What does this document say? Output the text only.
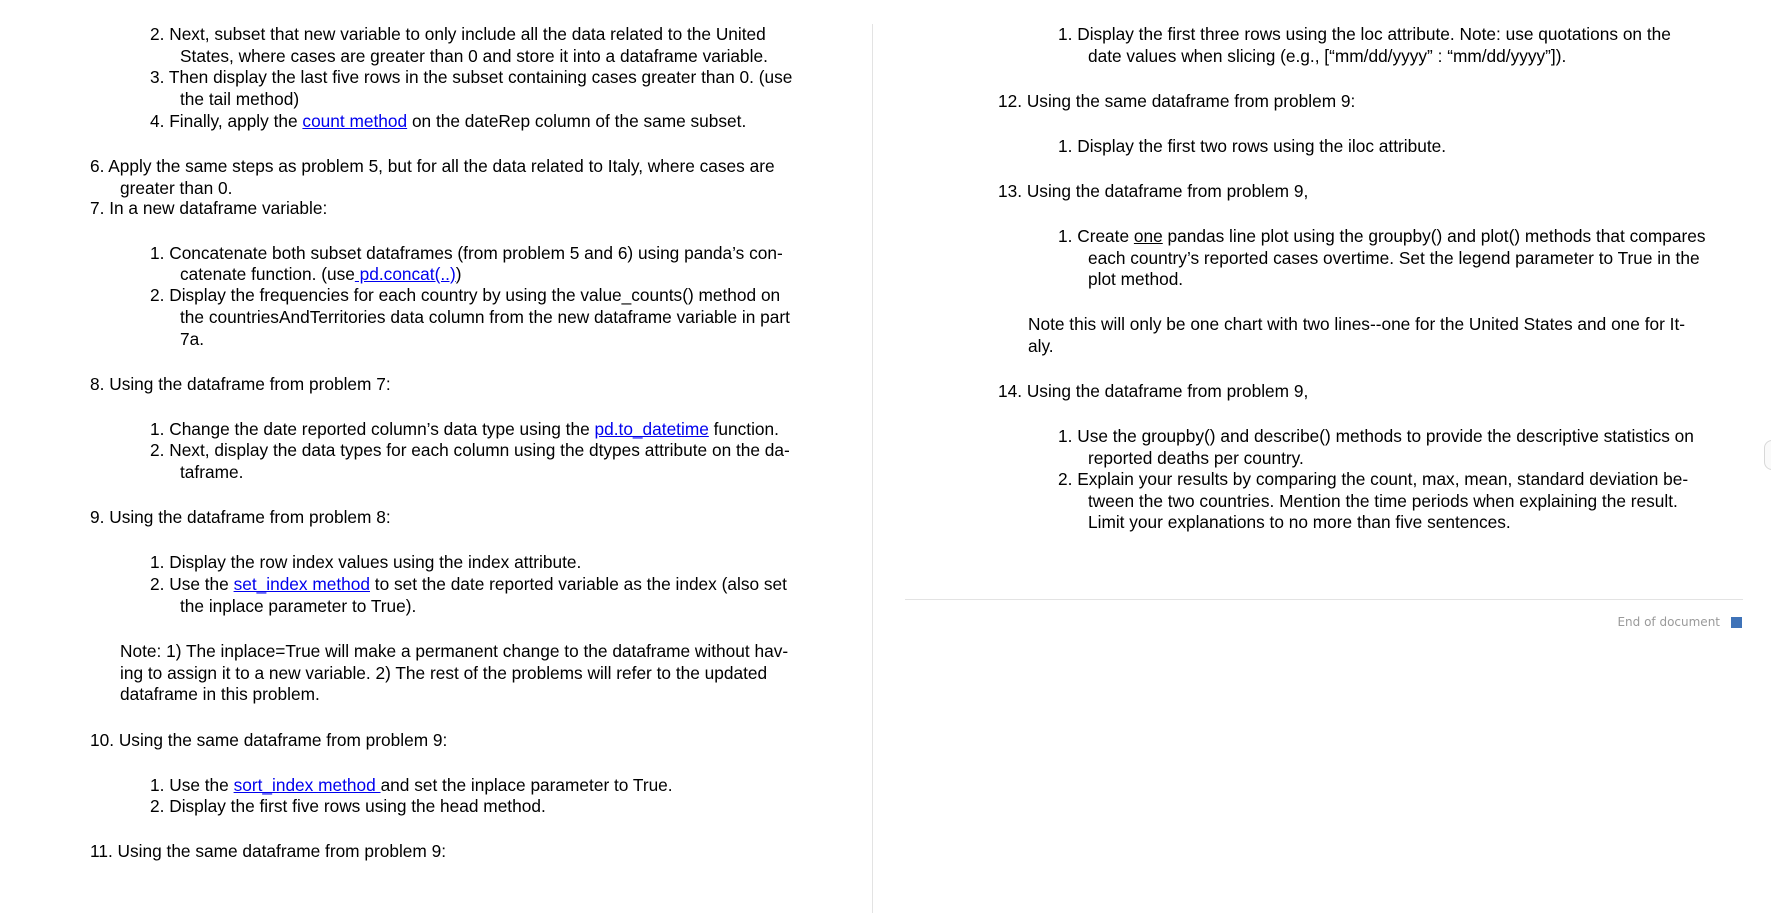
2. Next, subset that new variable to only include all the data related to the United
States, where cases are greater than 0 and store it into a dataframe variable.
3. Then display the last five rows in the subset containing cases greater than 0. (use
the tail method)
4. Finally, apply the count method on the dateRep column of the same subset.
6. Apply the same steps as problem 5, but for all the data related to Italy, where cases are
greater than 0.
7. In a new dataframe variable:
1. Concatenate both subset dataframes (from problem 5 and 6) using panda’s con-
catenate function. (use pd.concat(..))
2. Display the frequencies for each country by using the value_counts() method on
the countriesAndTerritories data column from the new dataframe variable in part
7a.
8. Using the dataframe from problem 7:
1. Change the date reported column’s data type using the pd.to_datetime function.
2. Next, display the data types for each column using the dtypes attribute on the da-
taframe.
9. Using the dataframe from problem 8:
1. Display the row index values using the index attribute.
2. Use the set_index method to set the date reported variable as the index (also set
the inplace parameter to True).
Note: 1) The inplace=True will make a permanent change to the dataframe without hav-
ing to assign it to a new variable. 2) The rest of the problems will refer to the updated
dataframe in this problem.
10. Using the same dataframe from problem 9:
1. Use the sort_index method and set the inplace parameter to True.
2. Display the first five rows using the head method.
11. Using the same dataframe from problem 9:
1. Display the first three rows using the loc attribute. Note: use quotations on the
date values when slicing (e.g., [“mm/dd/yyyy” : “mm/dd/yyyy”]).
12. Using the same dataframe from problem 9:
1. Display the first two rows using the iloc attribute.
13. Using the dataframe from problem 9,
1. Create one pandas line plot using the groupby() and plot() methods that compares
each country’s reported cases overtime. Set the legend parameter to True in the
plot method.
Note this will only be one chart with two lines--one for the United States and one for It-
aly.
14. Using the dataframe from problem 9,
1. Use the groupby() and describe() methods to provide the descriptive statistics on
reported deaths per country.
2. Explain your results by comparing the count, max, mean, standard deviation be-
tween the two countries. Mention the time periods when explaining the result.
Limit your explanations to no more than five sentences.
End of document
